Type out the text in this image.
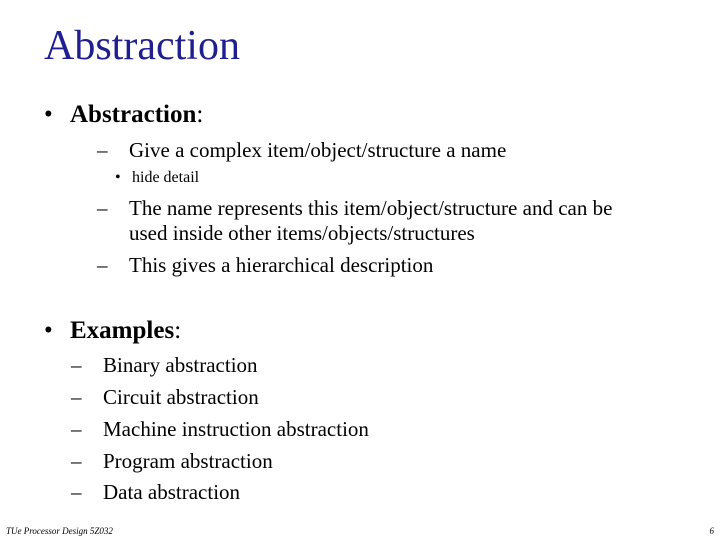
Abstraction
• Abstraction:
– Give a complex item/object/structure a name
• hide detail
– The name represents this item/object/structure and can be
used inside other items/objects/structures
– This gives a hierarchical description
• Examples:
– Binary abstraction
– Circuit abstraction
– Machine instruction abstraction
– Program abstraction
– Data abstraction
TUe Processor Design 5Z032	6
